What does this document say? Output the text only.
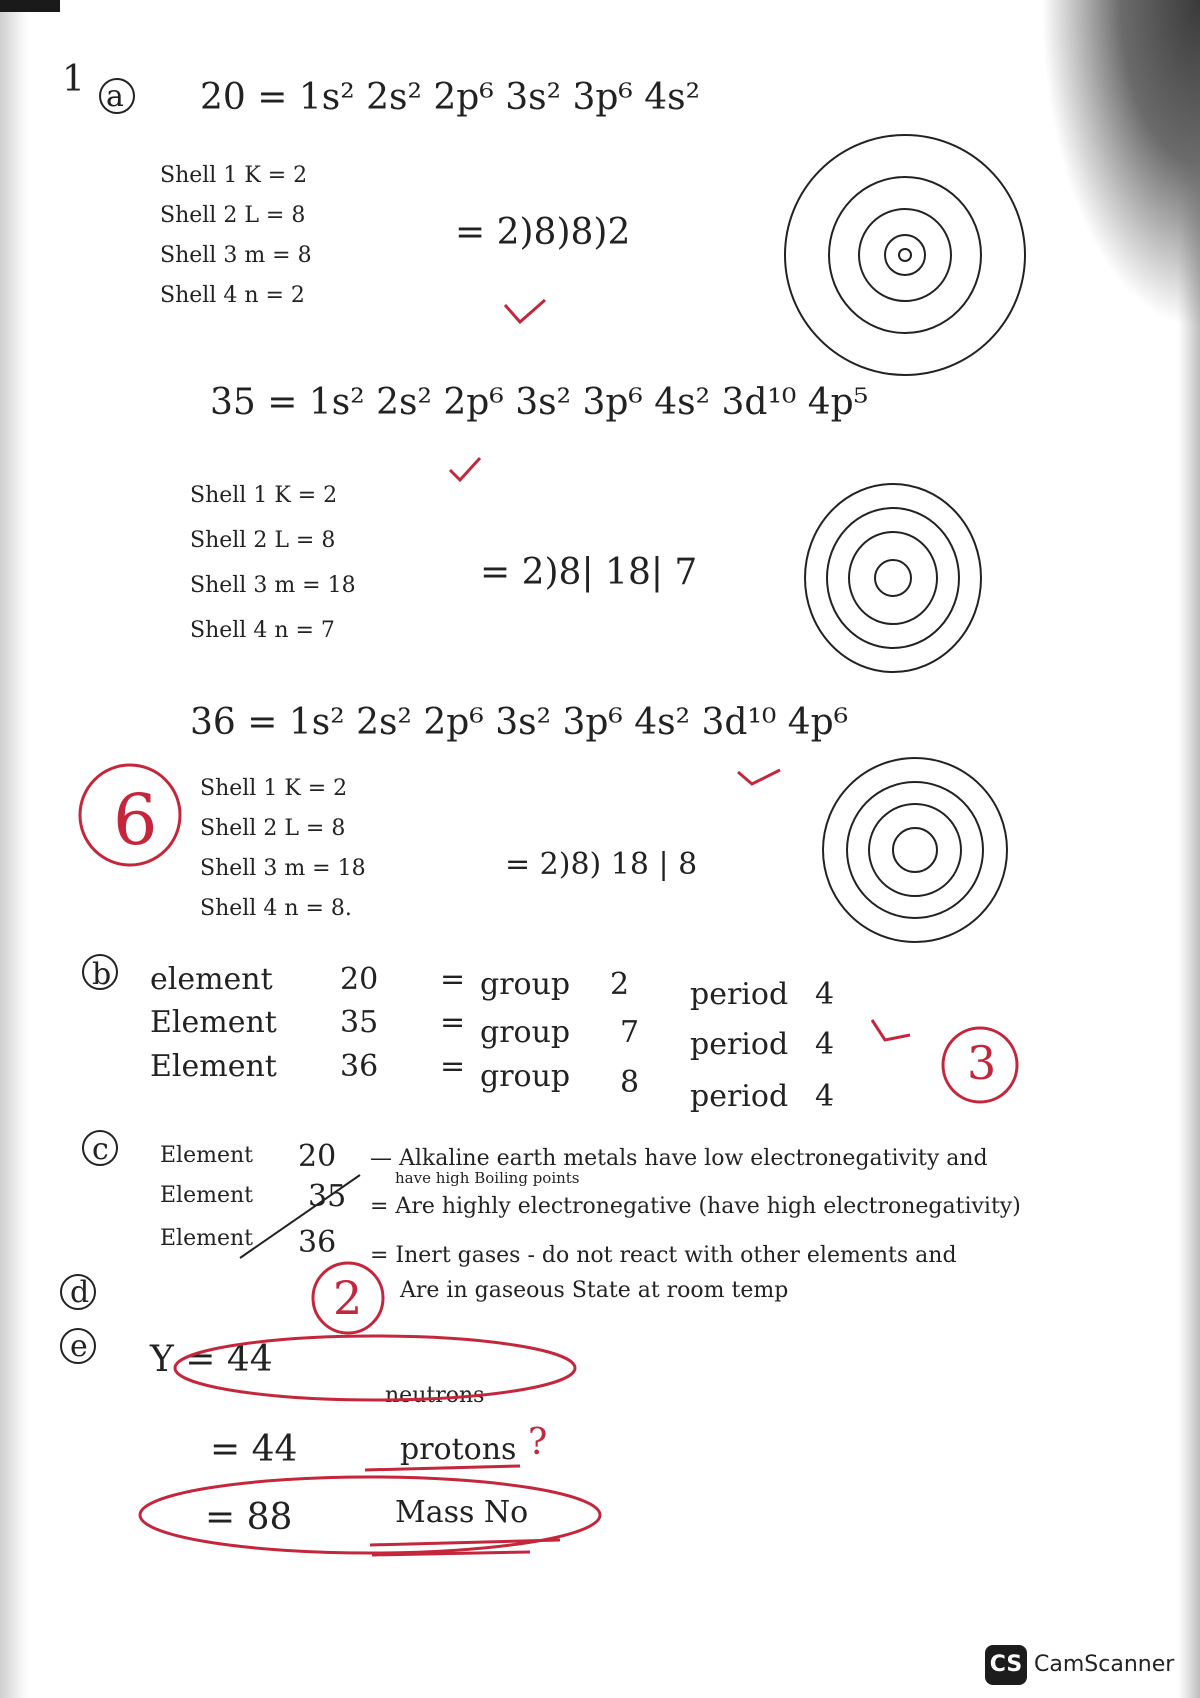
1 a 20 = 1s² 2s² 2p⁶ 3s² 3p⁶ 4s²
Shell 1 K = 2
Shell 2 L = 8
Shell 3 m = 8
Shell 4 n = 2
= 2)8)8)2
35 = 1s² 2s² 2p⁶ 3s² 3p⁶ 4s² 3d¹⁰ 4p⁵
Shell 1 K = 2
Shell 2 L = 8
Shell 3 m = 18
Shell 4 n = 7
= 2)8| 18| 7
36 = 1s² 2s² 2p⁶ 3s² 3p⁶ 4s² 3d¹⁰ 4p⁶
Shell 1 K = 2
Shell 2 L = 8
Shell 3 m = 18
Shell 4 n = 8.
= 2)8) 18 | 8
b element 20 = group 2 period 4
Element 35 = group 7 period 4
Element 36 = group 8 period 4
c Element 20 — Alkaline earth metals have low electronegativity and
have high Boiling points
Element 35 = Are highly electronegative (have high electronegativity)
Element 36 = Inert gases - do not react with other elements and
Are in gaseous State at room temp
d
e Y = 44
neutrons
= 44	protons ?
= 88	Mass No
6
3
2
CS CamScanner
